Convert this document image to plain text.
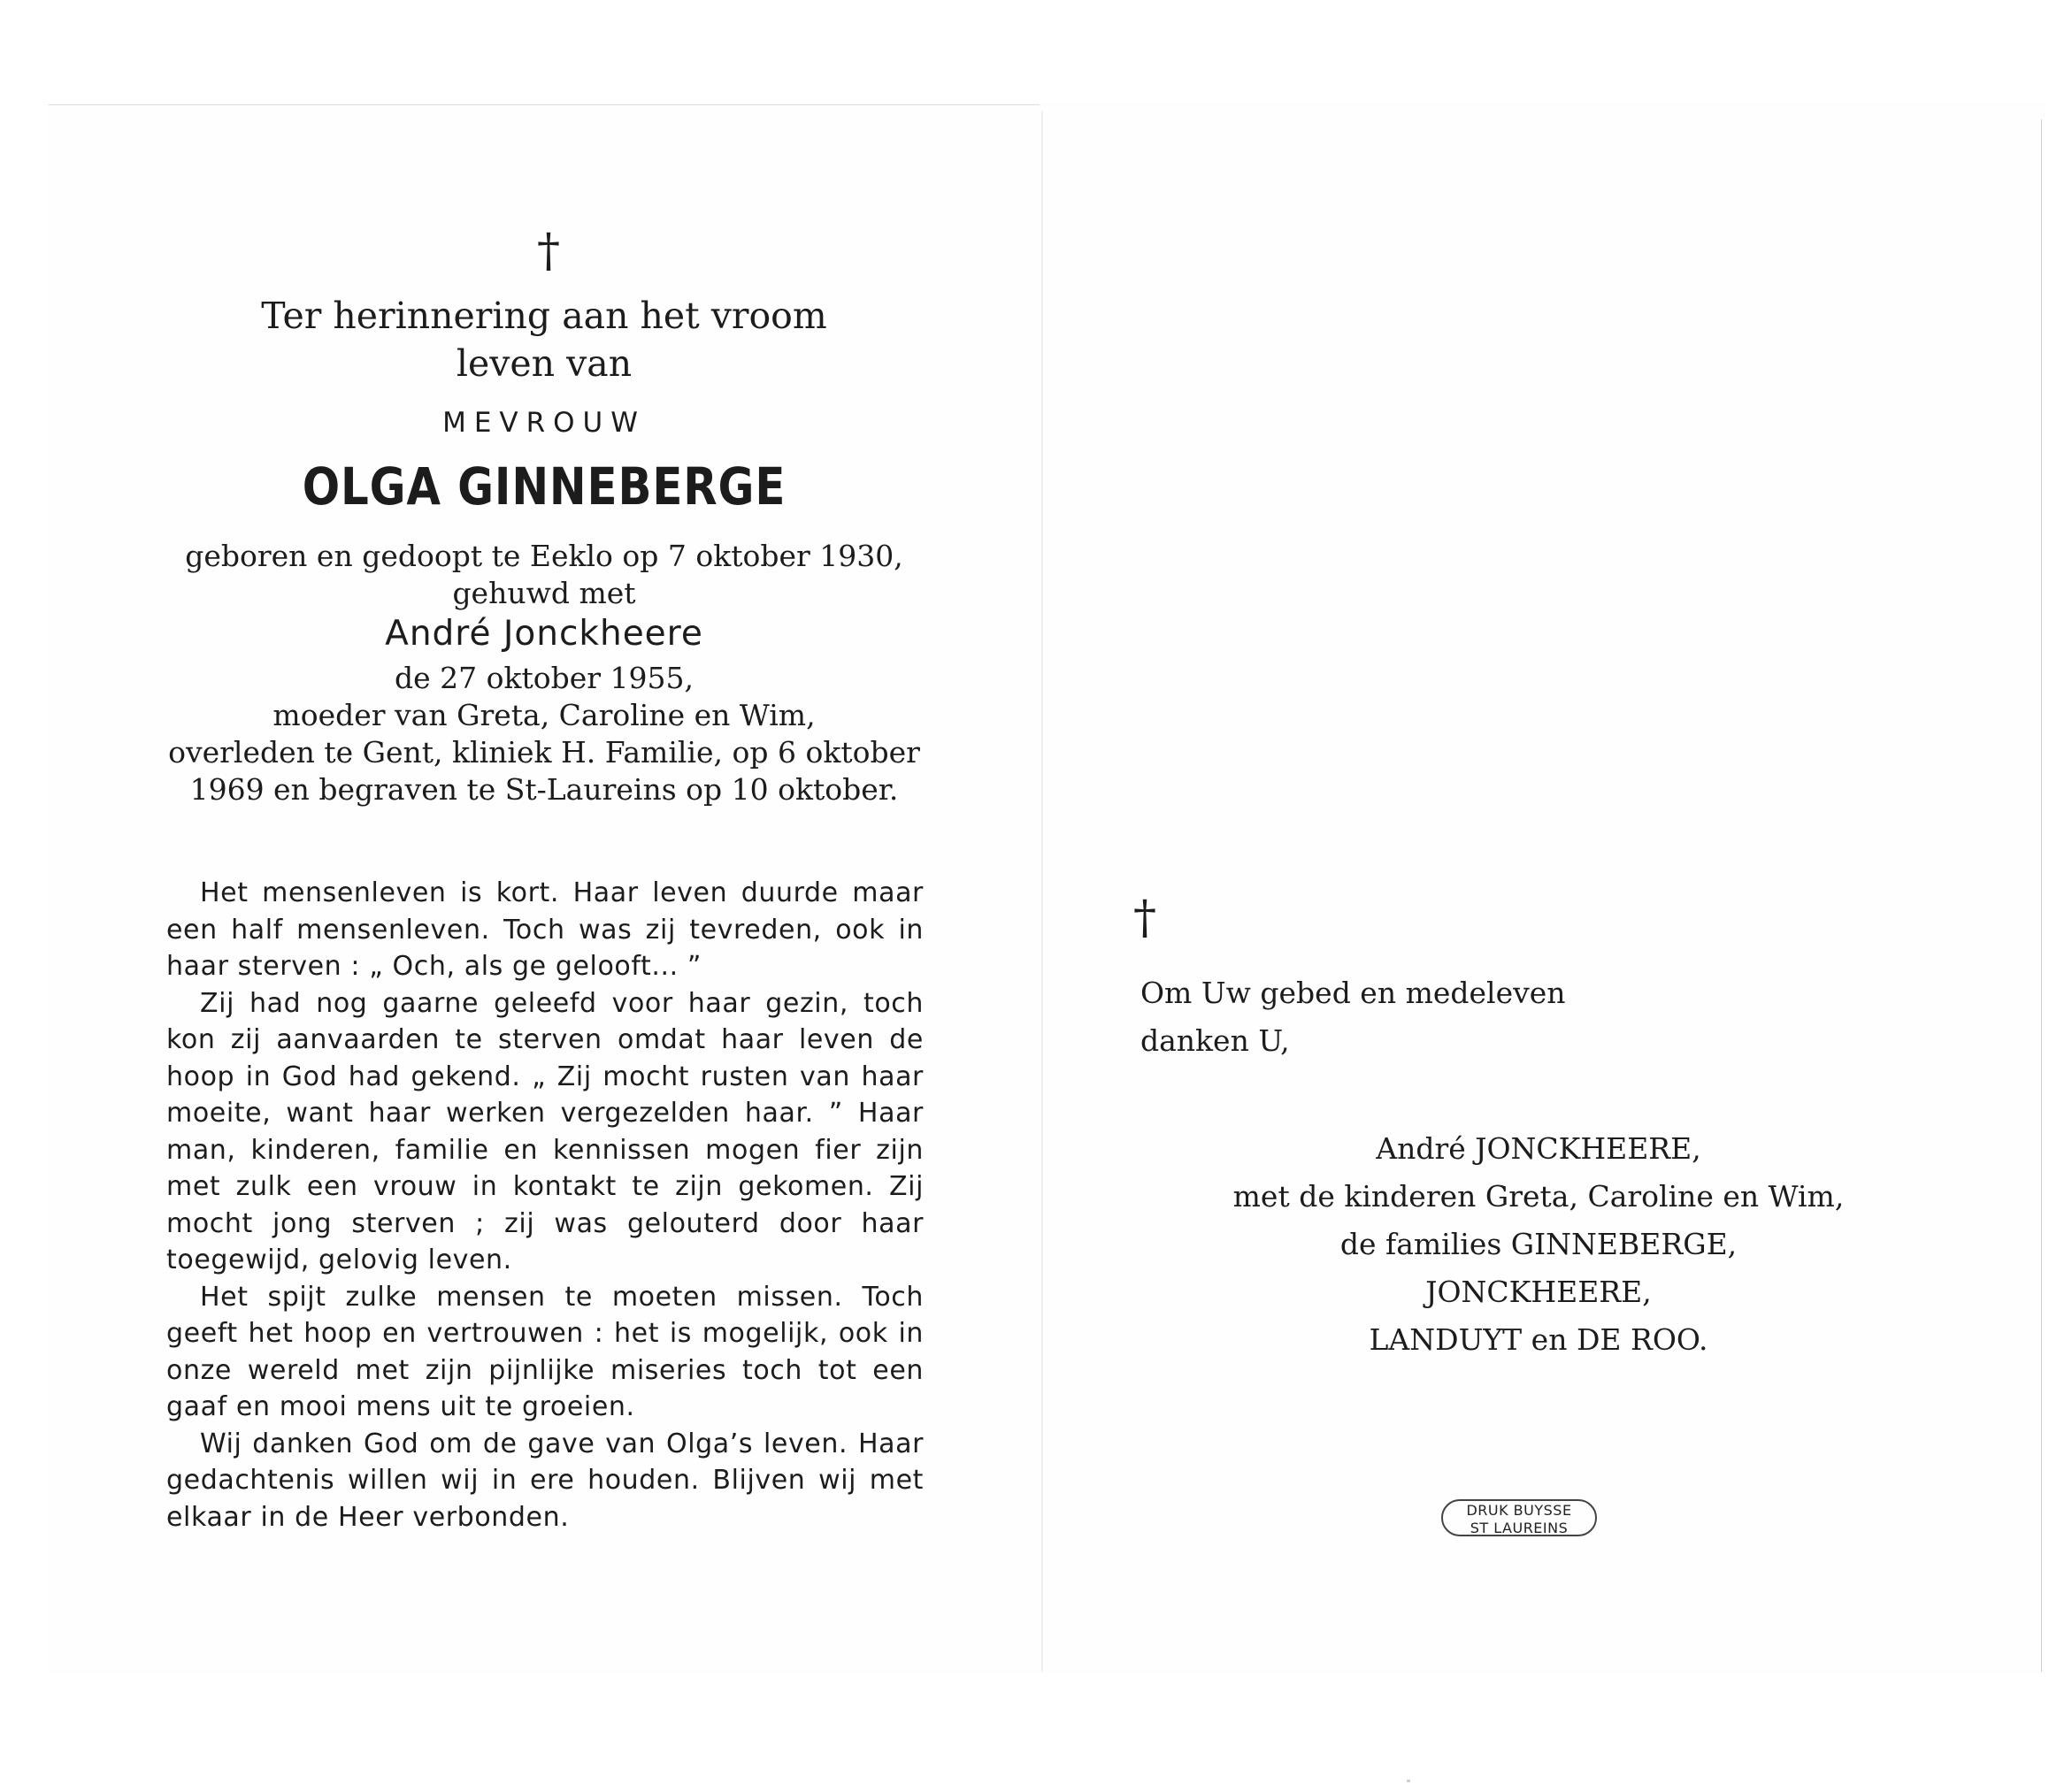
†
Ter herinnering aan het vroom
leven van
MEVROUW
OLGA GINNEBERGE
geboren en gedoopt te Eeklo op 7 oktober 1930,
gehuwd met
André Jonckheere
de 27 oktober 1955,
moeder van Greta, Caroline en Wim,
overleden te Gent, kliniek H. Familie, op 6 oktober
1969 en begraven te St-Laureins op 10 oktober.

Het mensenleven is kort. Haar leven duurde maar een half mensenleven. Toch was zij tevreden, ook in haar sterven : „ Och, als ge gelooft... ”

Zij had nog gaarne geleefd voor haar gezin, toch kon zij aanvaarden te sterven omdat haar leven de hoop in God had gekend. „ Zij mocht rusten van haar moeite, want haar werken vergezelden haar. ” Haar man, kinderen, familie en kennissen mogen fier zijn met zulk een vrouw in kontakt te zijn gekomen. Zij mocht jong sterven ; zij was gelouterd door haar toegewijd, gelovig leven.

Het spijt zulke mensen te moeten missen. Toch geeft het hoop en vertrouwen : het is mogelijk, ook in onze wereld met zijn pijnlijke miseries toch tot een gaaf en mooi mens uit te groeien.

Wij danken God om de gave van Olga’s leven. Haar gedachtenis willen wij in ere houden. Blijven wij met elkaar in de Heer verbonden.

†
Om Uw gebed en medeleven
danken U,
André JONCKHEERE,
met de kinderen Greta, Caroline en Wim,
de families GINNEBERGE,
JONCKHEERE,
LANDUYT en DE ROO.
DRUK BUYSSE
ST LAUREINS
